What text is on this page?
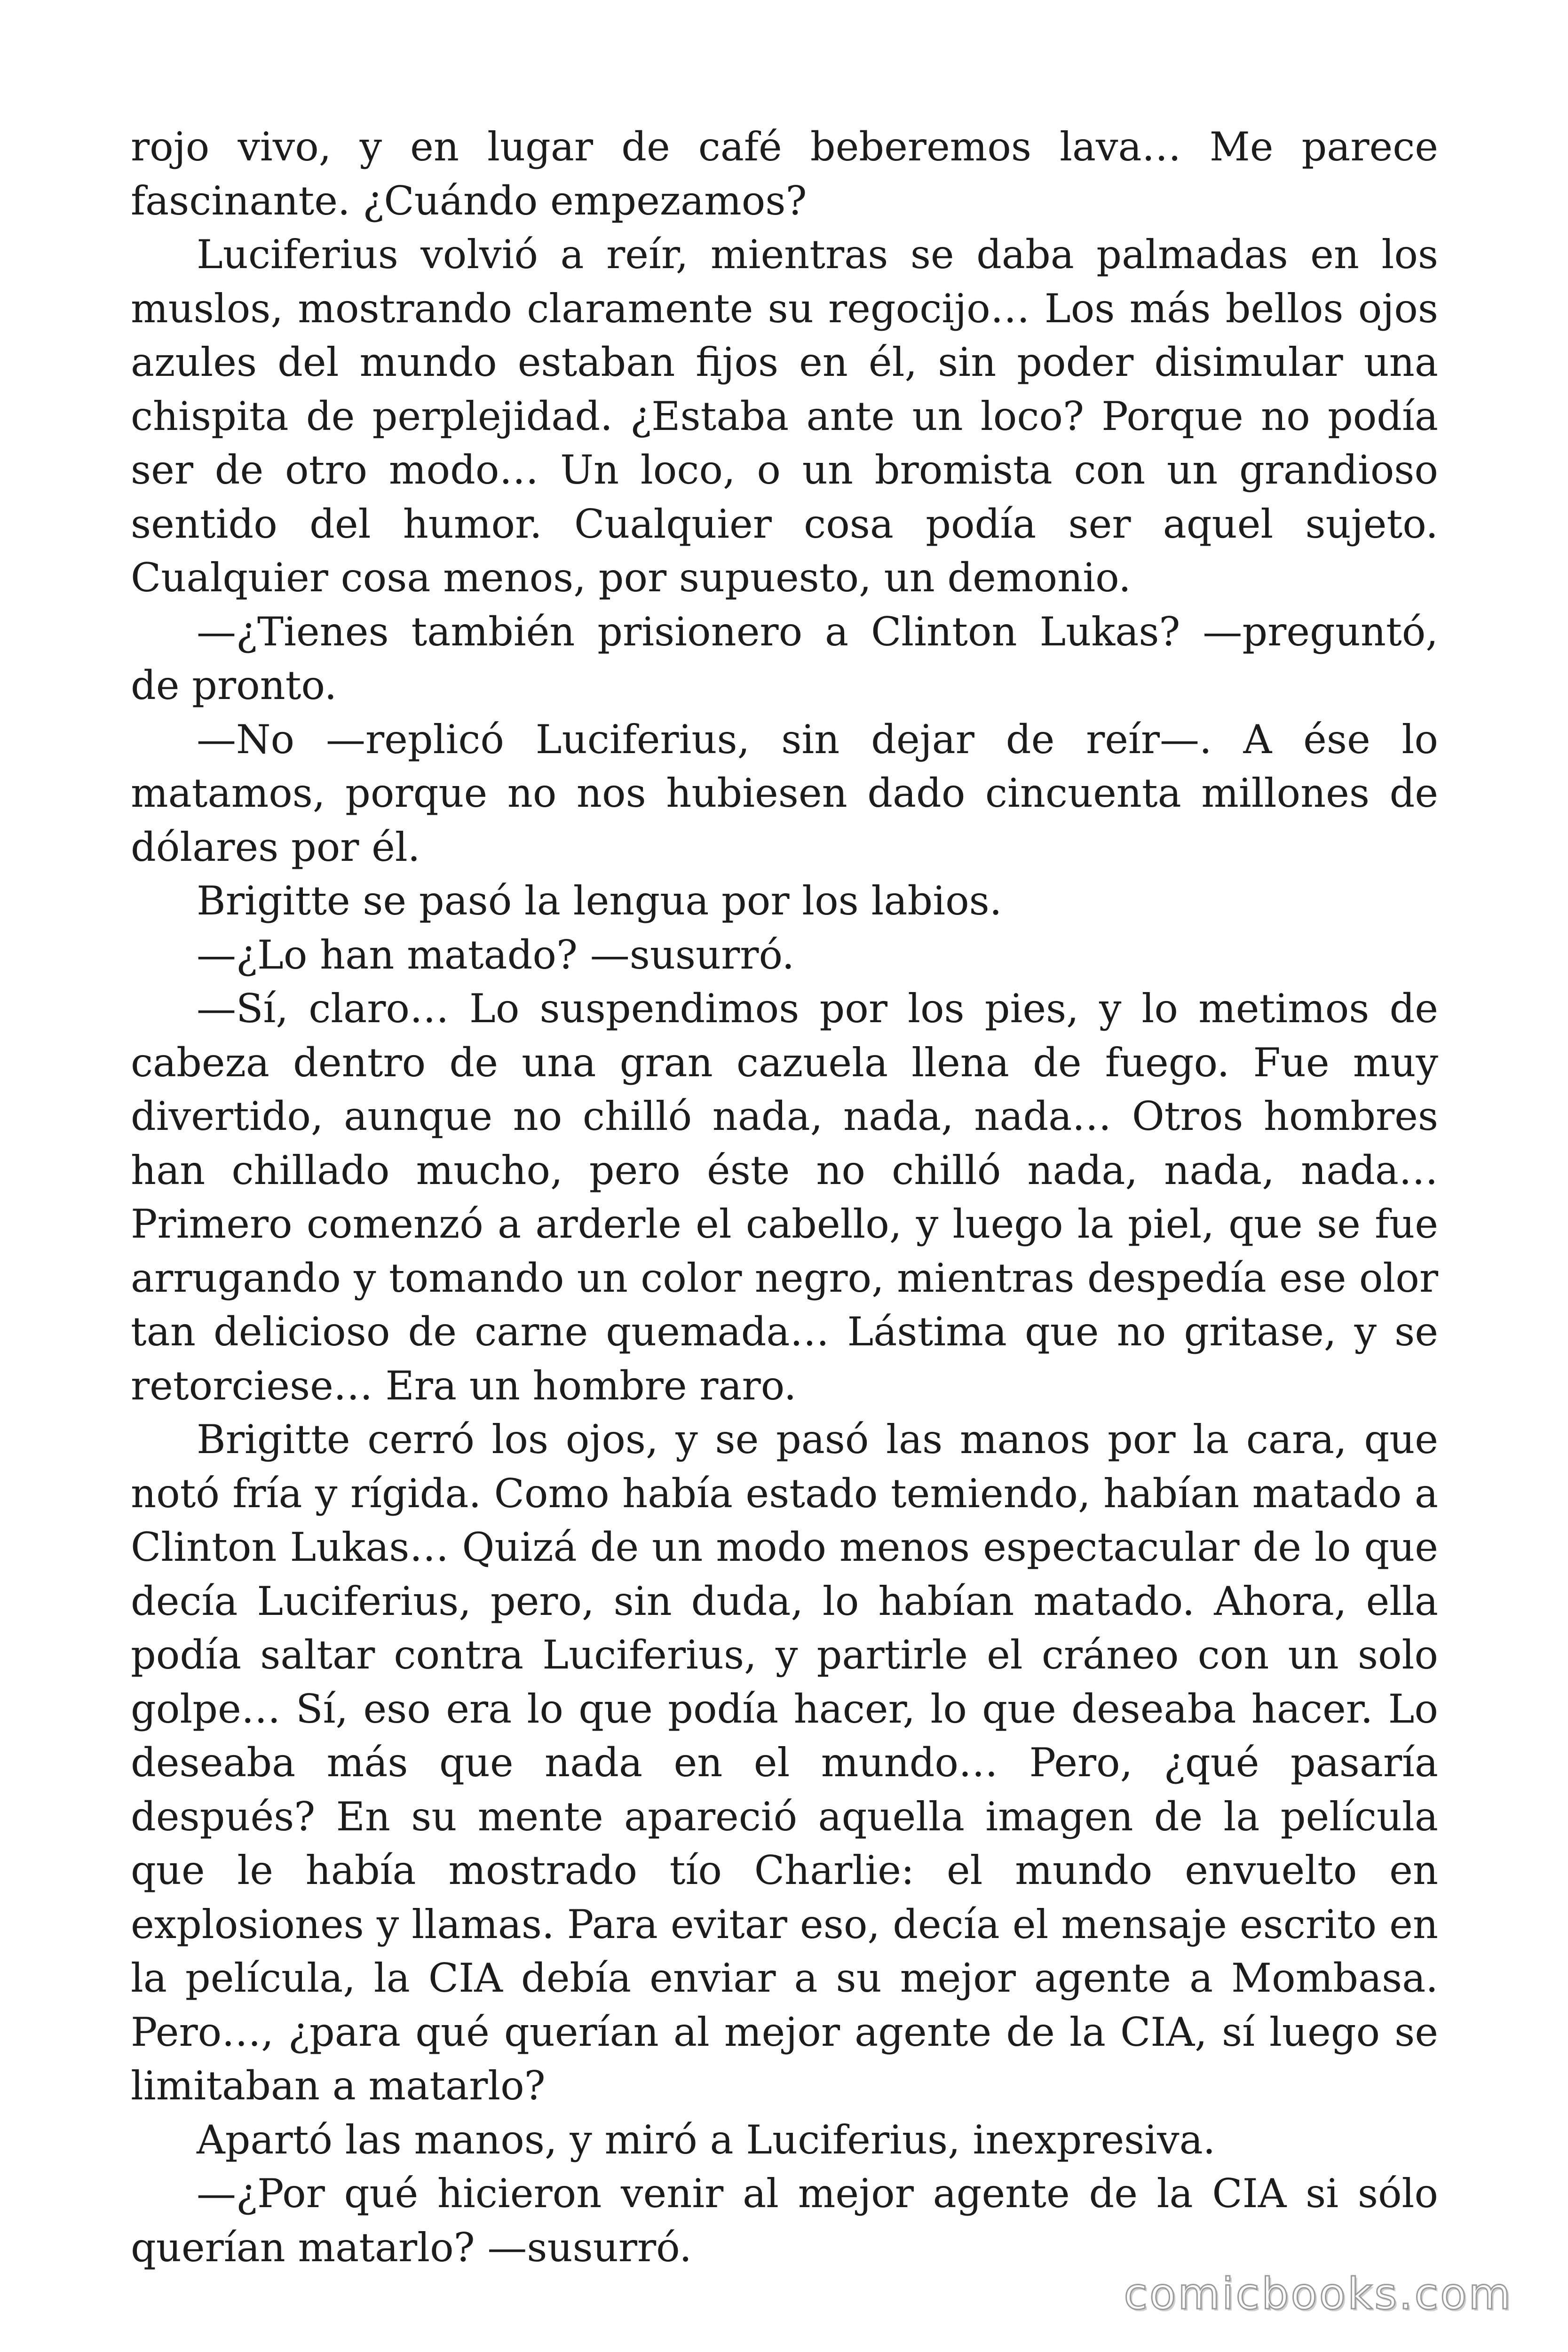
rojo vivo, y en lugar de café beberemos lava… Me parece fascinante. ¿Cuándo empezamos?

Luciferius volvió a reír, mientras se daba palmadas en los muslos, mostrando claramente su regocijo… Los más bellos ojos azules del mundo estaban fijos en él, sin poder disimular una chispita de perplejidad. ¿Estaba ante un loco? Porque no podía ser de otro modo… Un loco, o un bromista con un grandioso sentido del humor. Cualquier cosa podía ser aquel sujeto. Cualquier cosa menos, por supuesto, un demonio.

—¿Tienes también prisionero a Clinton Lukas? —preguntó, de pronto.

—No —replicó Luciferius, sin dejar de reír—. A ése lo matamos, porque no nos hubiesen dado cincuenta millones de dólares por él.

Brigitte se pasó la lengua por los labios.

—¿Lo han matado? —susurró.

—Sí, claro… Lo suspendimos por los pies, y lo metimos de cabeza dentro de una gran cazuela llena de fuego. Fue muy divertido, aunque no chilló nada, nada, nada… Otros hombres han chillado mucho, pero éste no chilló nada, nada, nada… Primero comenzó a arderle el cabello, y luego la piel, que se fue arrugando y tomando un color negro, mientras despedía ese olor tan delicioso de carne quemada… Lástima que no gritase, y se retorciese… Era un hombre raro.

Brigitte cerró los ojos, y se pasó las manos por la cara, que notó fría y rígida. Como había estado temiendo, habían matado a Clinton Lukas… Quizá de un modo menos espectacular de lo que decía Luciferius, pero, sin duda, lo habían matado. Ahora, ella podía saltar contra Luciferius, y partirle el cráneo con un solo golpe… Sí, eso era lo que podía hacer, lo que deseaba hacer. Lo deseaba más que nada en el mundo… Pero, ¿qué pasaría después? En su mente apareció aquella imagen de la película que le había mostrado tío Charlie: el mundo envuelto en explosiones y llamas. Para evitar eso, decía el mensaje escrito en la película, la CIA debía enviar a su mejor agente a Mombasa. Pero…, ¿para qué querían al mejor agente de la CIA, sí luego se limitaban a matarlo?

Apartó las manos, y miró a Luciferius, inexpresiva.

—¿Por qué hicieron venir al mejor agente de la CIA si sólo querían matarlo? —susurró.

comicbooks.com
